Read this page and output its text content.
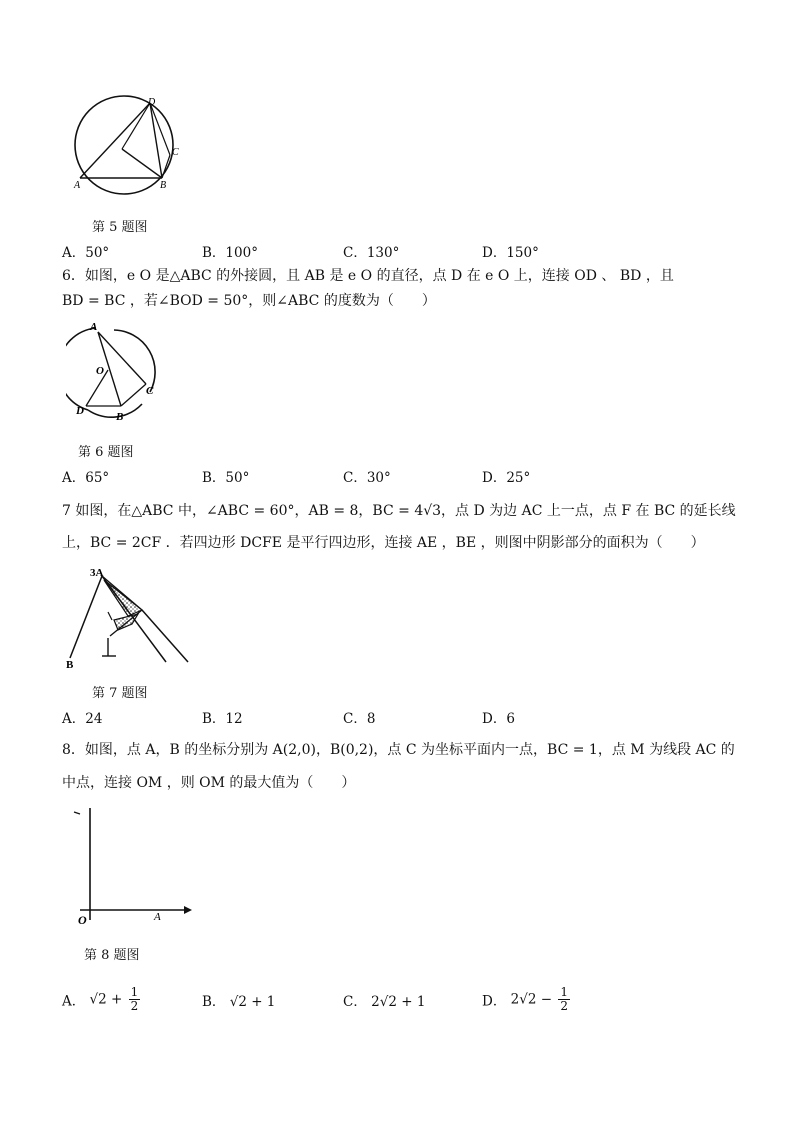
D
C
A	B
第 5 题图
A．50°	B．100°	C．130°	D．150°
6．如图，e O 是△ABC 的外接圆，且 AB 是 e O 的直径，点 D 在 e O 上，连接 OD 、 BD ，且
BD = BC ，若∠BOD = 50°，则∠ABC 的度数为（　　）
A
O
C
D	B
第 6 题图
A．65°	B．50°	C．30°	D．25°
7 如图，在△ABC 中，∠ABC = 60°，AB = 8，BC = 4√3，点 D 为边 AC 上一点，点 F 在 BC 的延长线
上，BC = 2CF ．若四边形 DCFE 是平行四边形，连接 AE ，BE ，则图中阴影部分的面积为（　　）
3A
B
第 7 题图
A．24	B．12	C．8	D．6
8．如图，点 A，B 的坐标分别为 A(2,0)，B(0,2)，点 C 为坐标平面内一点，BC = 1，点 M 为线段 AC 的
中点，连接 OM ，则 OM 的最大值为（　　）
O	A
第 8 题图
A． $√2 + \frac{1}{2}$	B． √2 + 1	C． 2√2 + 1	D． $2√2 - \frac{1}{2}$
